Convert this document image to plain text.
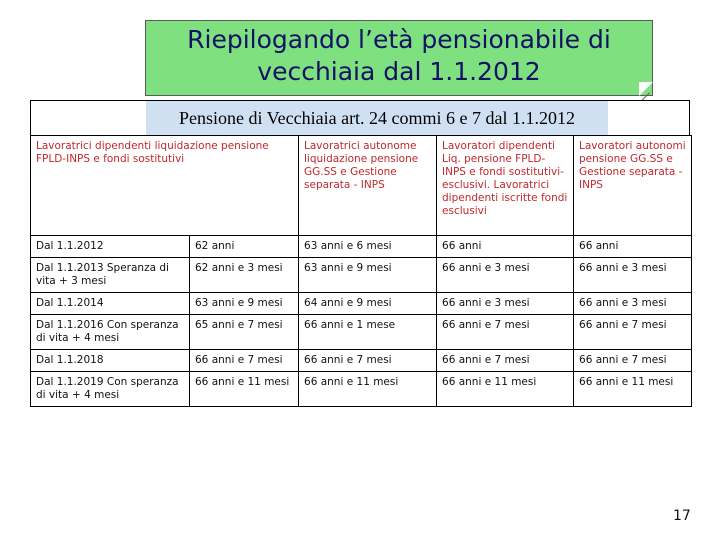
Riepilogando l’età pensionabile di
vecchiaia dal 1.1.2012
Pensione di Vecchiaia art. 24 commi 6 e 7 dal 1.1.2012
Lavoratrici dipendenti liquidazione pensione FPLD-INPS e fondi sostitutivi		Lavoratrici autonome liquidazione pensione GG.SS e Gestione separata - INPS	Lavoratori dipendenti Liq. pensione FPLD-INPS e fondi sostitutivi-esclusivi. Lavoratrici dipendenti iscritte fondi esclusivi	Lavoratori autonomi pensione GG.SS e Gestione separata - INPS
Dal 1.1.2012	62 anni	63 anni e 6 mesi	66 anni	66 anni
Dal 1.1.2013 Speranza di vita + 3 mesi	62 anni e 3 mesi	63 anni e 9 mesi	66 anni e 3 mesi	66 anni e 3 mesi
Dal 1.1.2014	63 anni e 9 mesi	64 anni e 9 mesi	66 anni e 3 mesi	66 anni e 3 mesi
Dal 1.1.2016 Con speranza di vita + 4 mesi	65 anni e 7 mesi	66 anni e 1 mese	66 anni e 7 mesi	66 anni e 7 mesi
Dal 1.1.2018	66 anni e 7 mesi	66 anni e 7 mesi	66 anni e 7 mesi	66 anni e 7 mesi
Dal 1.1.2019 Con speranza di vita + 4 mesi	66 anni e 11 mesi	66 anni e 11 mesi	66 anni e 11 mesi	66 anni e 11 mesi
17
